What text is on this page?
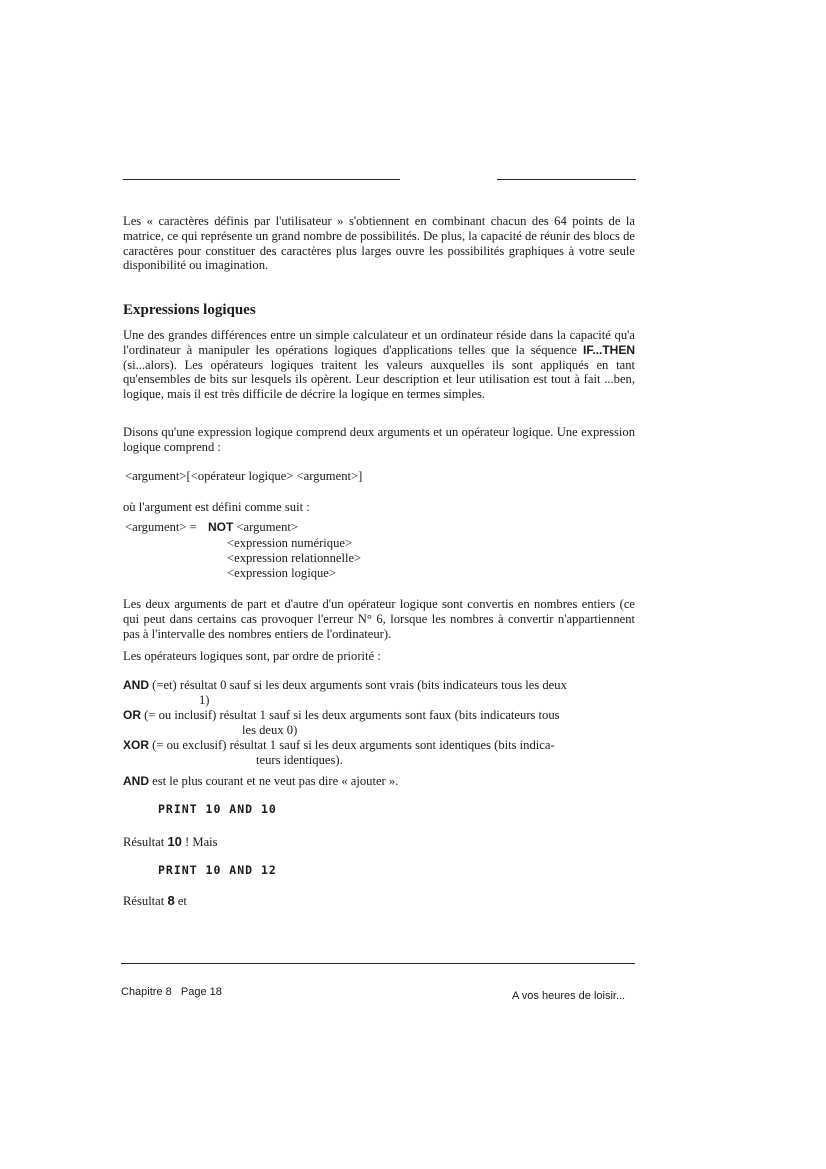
Les « caractères définis par l'utilisateur » s'obtiennent en combinant chacun des 64 points de la matrice, ce qui représente un grand nombre de possibilités. De plus, la capacité de réunir des blocs de caractères pour constituer des caractères plus larges ouvre les possibilités graphiques à votre seule disponibilité ou imagination.

Expressions logiques

Une des grandes différences entre un simple calculateur et un ordinateur réside dans la capacité qu'a l'ordinateur à manipuler les opérations logiques d'applications telles que la séquence IF...THEN (si...alors). Les opérateurs logiques traitent les valeurs auxquelles ils sont appliqués en tant qu'ensembles de bits sur lesquels ils opèrent. Leur description et leur utilisation est tout à fait ...ben, logique, mais il est très difficile de décrire la logique en termes simples.

Disons qu'une expression logique comprend deux arguments et un opérateur logique. Une expression logique comprend :

<argument>[<opérateur logique> <argument>]
où l'argument est défini comme suit :
<argument> = NOT <argument>
<expression numérique>
<expression relationnelle>
<expression logique>

Les deux arguments de part et d'autre d'un opérateur logique sont convertis en nombres entiers (ce qui peut dans certains cas provoquer l'erreur N° 6, lorsque les nombres à convertir n'appartiennent pas à l'intervalle des nombres entiers de l'ordinateur).

Les opérateurs logiques sont, par ordre de priorité :

AND (=et) résultat 0 sauf si les deux arguments sont vrais (bits indicateurs tous les deux
1)
OR (= ou inclusif) résultat 1 sauf si les deux arguments sont faux (bits indicateurs tous
les deux 0)
XOR (= ou exclusif) résultat 1 sauf si les deux arguments sont identiques (bits indica-
teurs identiques).
AND est le plus courant et ne veut pas dire « ajouter ».
PRINT 10 AND 10
Résultat 10 ! Mais
PRINT 10 AND 12
Résultat 8 et
Chapitre 8   Page 18	A vos heures de loisir...
